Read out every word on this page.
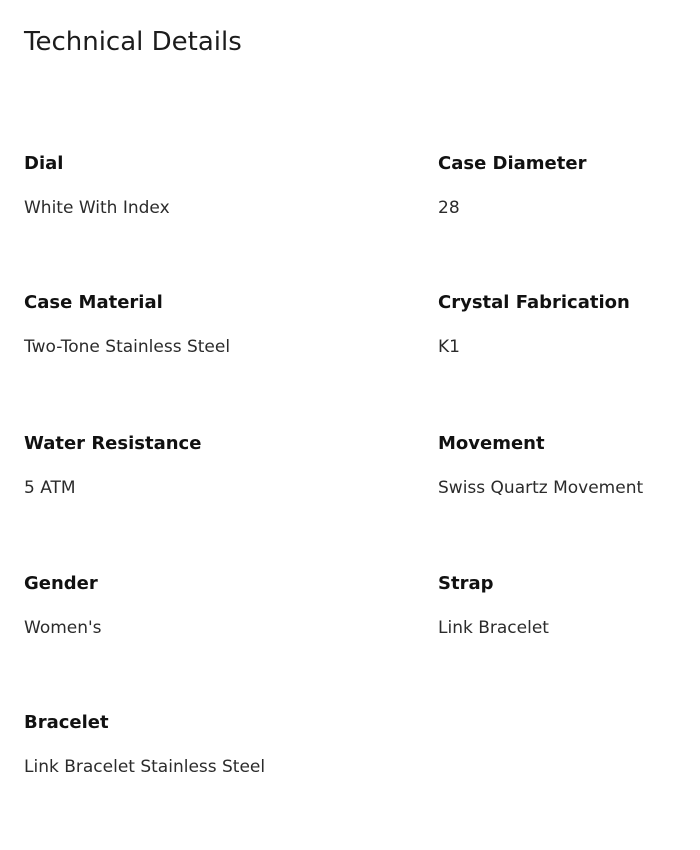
Technical Details
Dial
White With Index
Case Diameter
28
Case Material
Two-Tone Stainless Steel
Crystal Fabrication
K1
Water Resistance
5 ATM
Movement
Swiss Quartz Movement
Gender
Women's
Strap
Link Bracelet
Bracelet
Link Bracelet Stainless Steel
